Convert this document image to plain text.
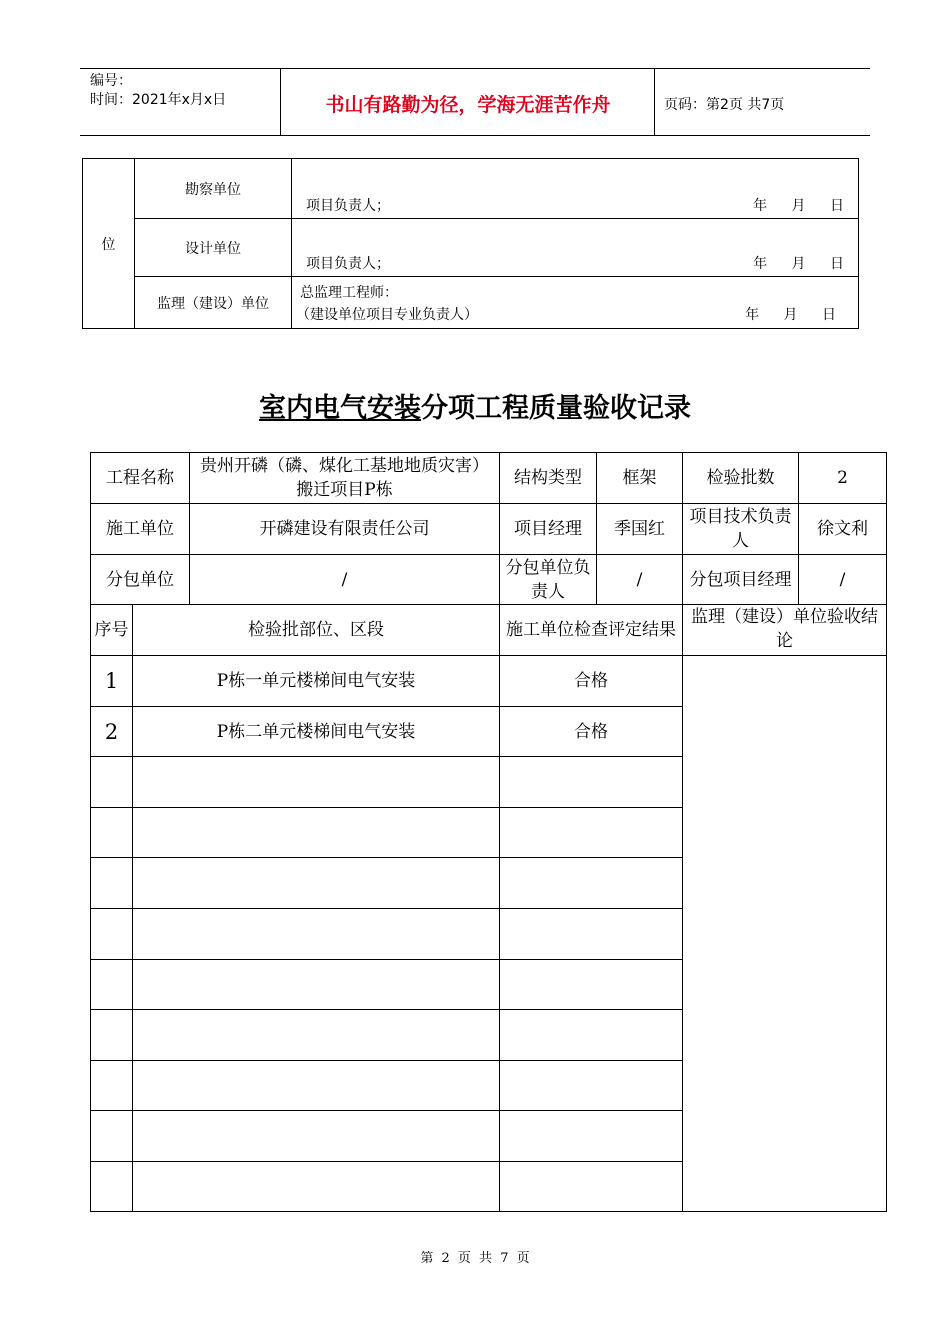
编号：
时间：2021年x月x日	书山有路勤为径，学海无涯苦作舟	页码：第2页 共7页
位	勘察单位	项目负责人； 年 月 日

	设计单位	项目负责人； 年 月 日

	监理（建设）单位	总监理工程师：
（建设单位项目专业负责人） 年 月 日
室内电气安装分项工程质量验收记录
工程名称		贵州开磷（磷、煤化工基地地质灾害）搬迁项目P栋	结构类型	框架	检验批数	2
施工单位		开磷建设有限责任公司	项目经理	季国红	项目技术负责人	徐文利
分包单位		/	分包单位负责人	/	分包项目经理	/
序号	检验批部位、区段		施工单位检查评定结果		监理（建设）单位验收结论	
1	P栋一单元楼梯间电气安装		合格			
2	P栋二单元楼梯间电气安装		合格			

第 2 页 共 7 页
